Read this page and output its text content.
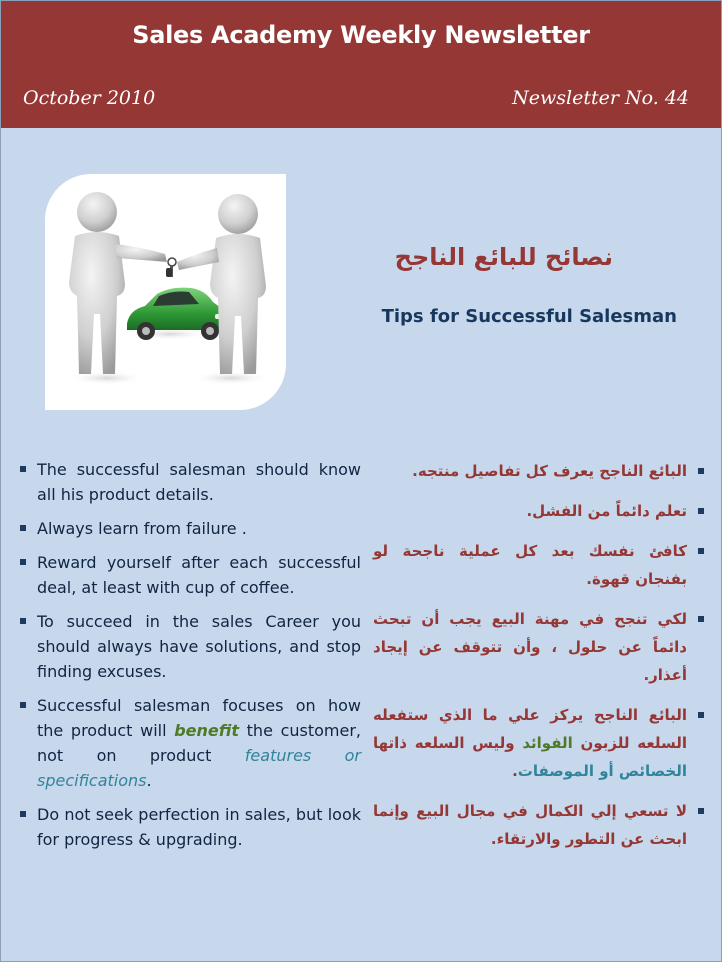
Sales Academy Weekly Newsletter
October 2010	Newsletter No. 44
نصائح للبائع الناجح
Tips for Successful Salesman
The successful salesman should know all his product details.
Always learn from failure .
Reward yourself after each successful deal, at least with cup of coffee.
To succeed in the sales Career you should always have solutions, and stop finding excuses.
Successful salesman focuses on how the product will benefit the customer, not on product features or specifications.
Do not seek perfection in sales, but look for progress & upgrading.
البائع الناجح يعرف كل تفاصيل منتجه.
تعلم دائماً من الفشل.
كافئ نفسك بعد كل عملية ناجحة لو بفنجان قهوة.
لكي تنجح في مهنة البيع يجب أن تبحث دائماً عن حلول ، وأن تتوقف عن إيجاد أعذار.
البائع الناجح يركز علي ما الذي ستفعله السلعه للزبون الفوائد وليس السلعه ذاتها الخصائص أو الموصفات.
لا تسعي إلي الكمال في مجال البيع وإنما ابحث عن التطور والارتقاء.
